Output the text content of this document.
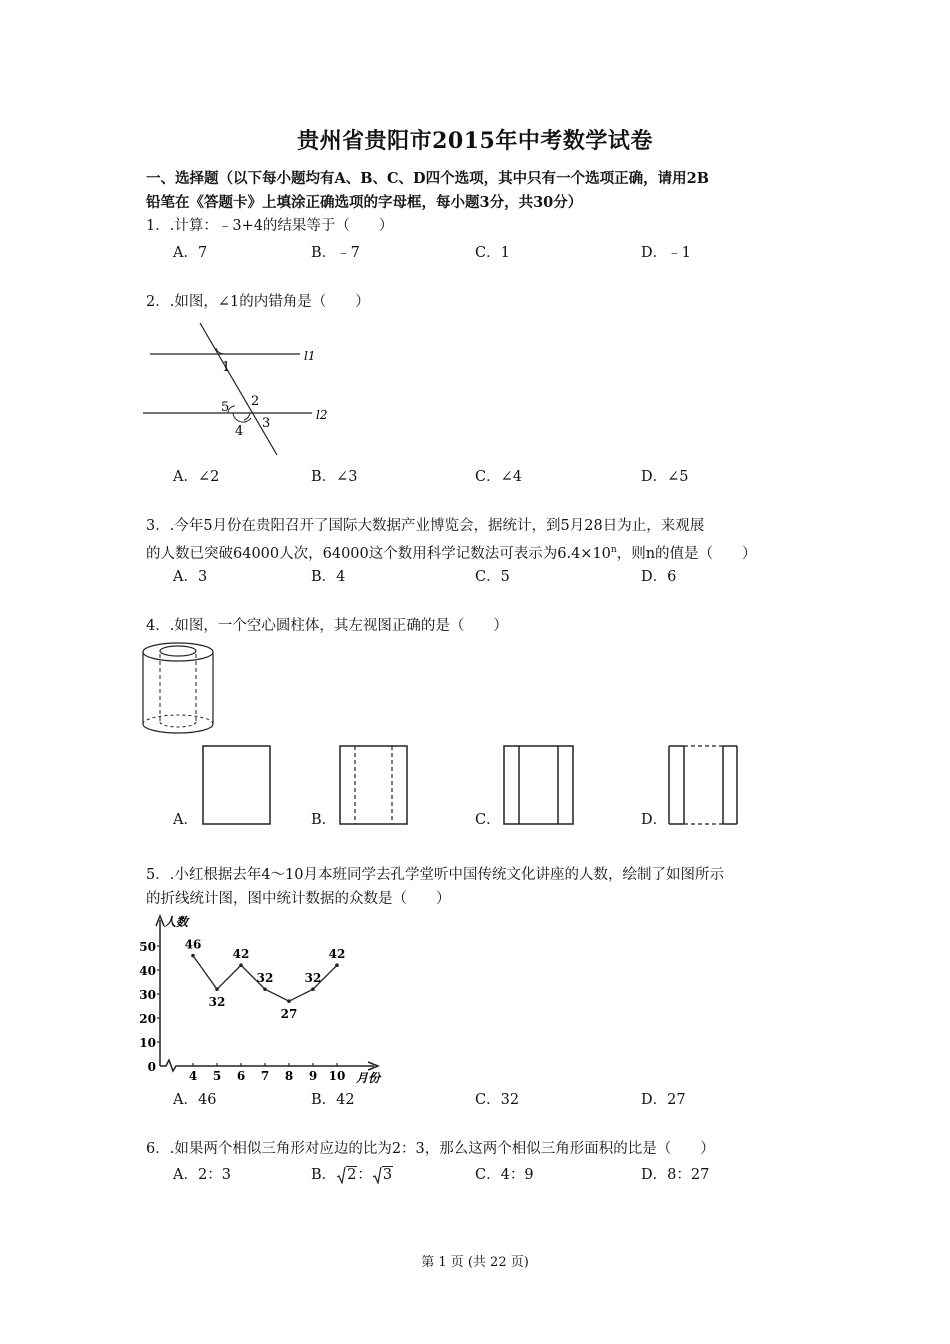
贵州省贵阳市2015年中考数学试卷
一、选择题（以下每小题均有A、B、C、D四个选项，其中只有一个选项正确，请用2B
铅笔在《答题卡》上填涂正确选项的字母框，每小题3分，共30分）
1．.计算：﹣3+4的结果等于（　　）
A．7	B．﹣7	C．1	D．﹣1
2．.如图，∠1的内错角是（　　）
1
2
3
4
5
l1
l2
A．∠2	B．∠3	C．∠4	D．∠5
3．.今年5月份在贵阳召开了国际大数据产业博览会，据统计，到5月28日为止，来观展
的人数已突破64000人次，64000这个数用科学记数法可表示为$6.4\times 10^n$，则n的值是（　　）
A．3	B．4	C．5	D．6
4．.如图，一个空心圆柱体，其左视图正确的是（　　）
A．	B．	C．	D．
5．.小红根据去年4～10月本班同学去孔学堂听中国传统文化讲座的人数，绘制了如图所示
的折线统计图，图中统计数据的众数是（　　）
0
10
20
30
40
50
4 5 6 7 8 9 10
人数
月份
46
32
42
32
27
32
42
A．46	B．42	C．32	D．27
6．.如果两个相似三角形对应边的比为2：3，那么这两个相似三角形面积的比是（　　）
A．2：3	B． 2： 3	C．4：9	D．8：27
第 1 页 (共 22 页)
